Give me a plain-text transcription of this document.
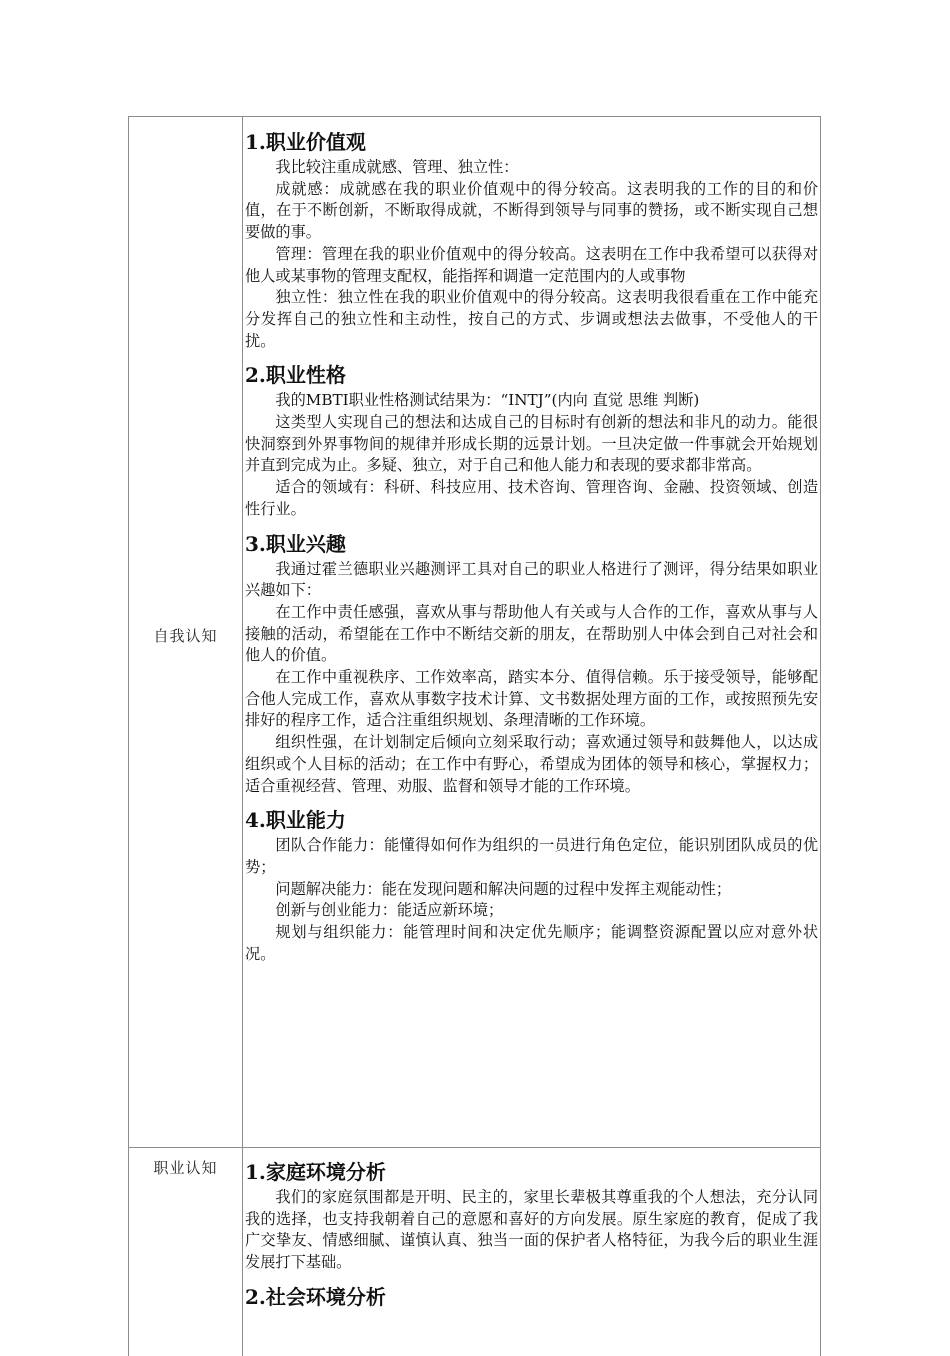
自我认知
职业认知
1.职业价值观

我比较注重成就感、管理、独立性：

成就感：成就感在我的职业价值观中的得分较高。这表明我的工作的目的和价值，在于不断创新，不断取得成就，不断得到领导与同事的赞扬，或不断实现自己想要做的事。

管理：管理在我的职业价值观中的得分较高。这表明在工作中我希望可以获得对他人或某事物的管理支配权，能指挥和调遣一定范围内的人或事物

独立性：独立性在我的职业价值观中的得分较高。这表明我很看重在工作中能充分发挥自己的独立性和主动性，按自己的方式、步调或想法去做事，不受他人的干扰。

2.职业性格

我的MBTI职业性格测试结果为：“INTJ”(内向 直觉 思维 判断)

这类型人实现自己的想法和达成自己的目标时有创新的想法和非凡的动力。能很快洞察到外界事物间的规律并形成长期的远景计划。一旦决定做一件事就会开始规划并直到完成为止。多疑、独立，对于自己和他人能力和表现的要求都非常高。

适合的领域有：科研、科技应用、技术咨询、管理咨询、金融、投资领域、创造性行业。

3.职业兴趣

我通过霍兰德职业兴趣测评工具对自己的职业人格进行了测评，得分结果如职业兴趣如下：

在工作中责任感强，喜欢从事与帮助他人有关或与人合作的工作，喜欢从事与人接触的活动，希望能在工作中不断结交新的朋友，在帮助别人中体会到自己对社会和他人的价值。

在工作中重视秩序、工作效率高，踏实本分、值得信赖。乐于接受领导，能够配合他人完成工作，喜欢从事数字技术计算、文书数据处理方面的工作，或按照预先安排好的程序工作，适合注重组织规划、条理清晰的工作环境。

组织性强，在计划制定后倾向立刻采取行动；喜欢通过领导和鼓舞他人，以达成组织或个人目标的活动；在工作中有野心，希望成为团体的领导和核心，掌握权力；适合重视经营、管理、劝服、监督和领导才能的工作环境。

4.职业能力

团队合作能力：能懂得如何作为组织的一员进行角色定位，能识别团队成员的优势；

问题解决能力：能在发现问题和解决问题的过程中发挥主观能动性；

创新与创业能力：能适应新环境；

规划与组织能力：能管理时间和决定优先顺序；能调整资源配置以应对意外状况。

1.家庭环境分析

我们的家庭氛围都是开明、民主的，家里长辈极其尊重我的个人想法，充分认同我的选择，也支持我朝着自己的意愿和喜好的方向发展。原生家庭的教育，促成了我广交挚友、情感细腻、谨慎认真、独当一面的保护者人格特征，为我今后的职业生涯发展打下基础。

2.社会环境分析
